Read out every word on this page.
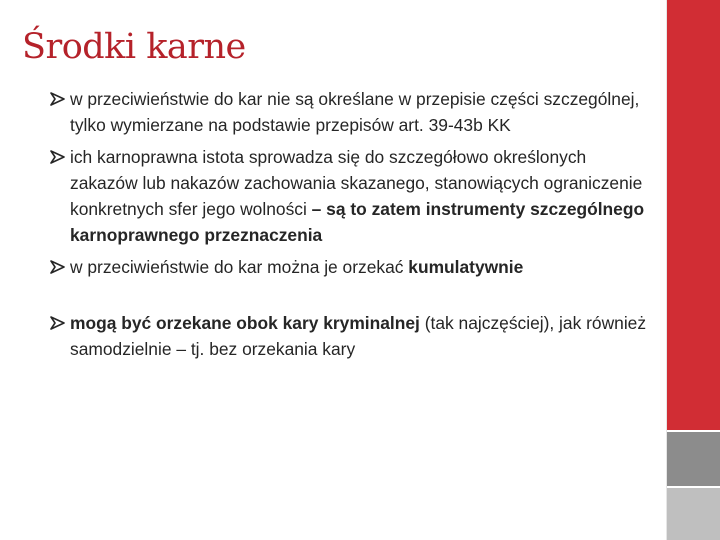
Środki karne
w przeciwieństwie do kar nie są określane w przepisie części szczególnej, tylko wymierzane na podstawie przepisów art. 39-43b KK
ich karnoprawna istota sprowadza się do szczegółowo określonych zakazów lub nakazów zachowania skazanego, stanowiących ograniczenie konkretnych sfer jego wolności – są to zatem instrumenty szczególnego karnoprawnego przeznaczenia
w przeciwieństwie do kar można je orzekać kumulatywnie
mogą być orzekane obok kary kryminalnej (tak najczęściej), jak również samodzielnie – tj. bez orzekania kary
